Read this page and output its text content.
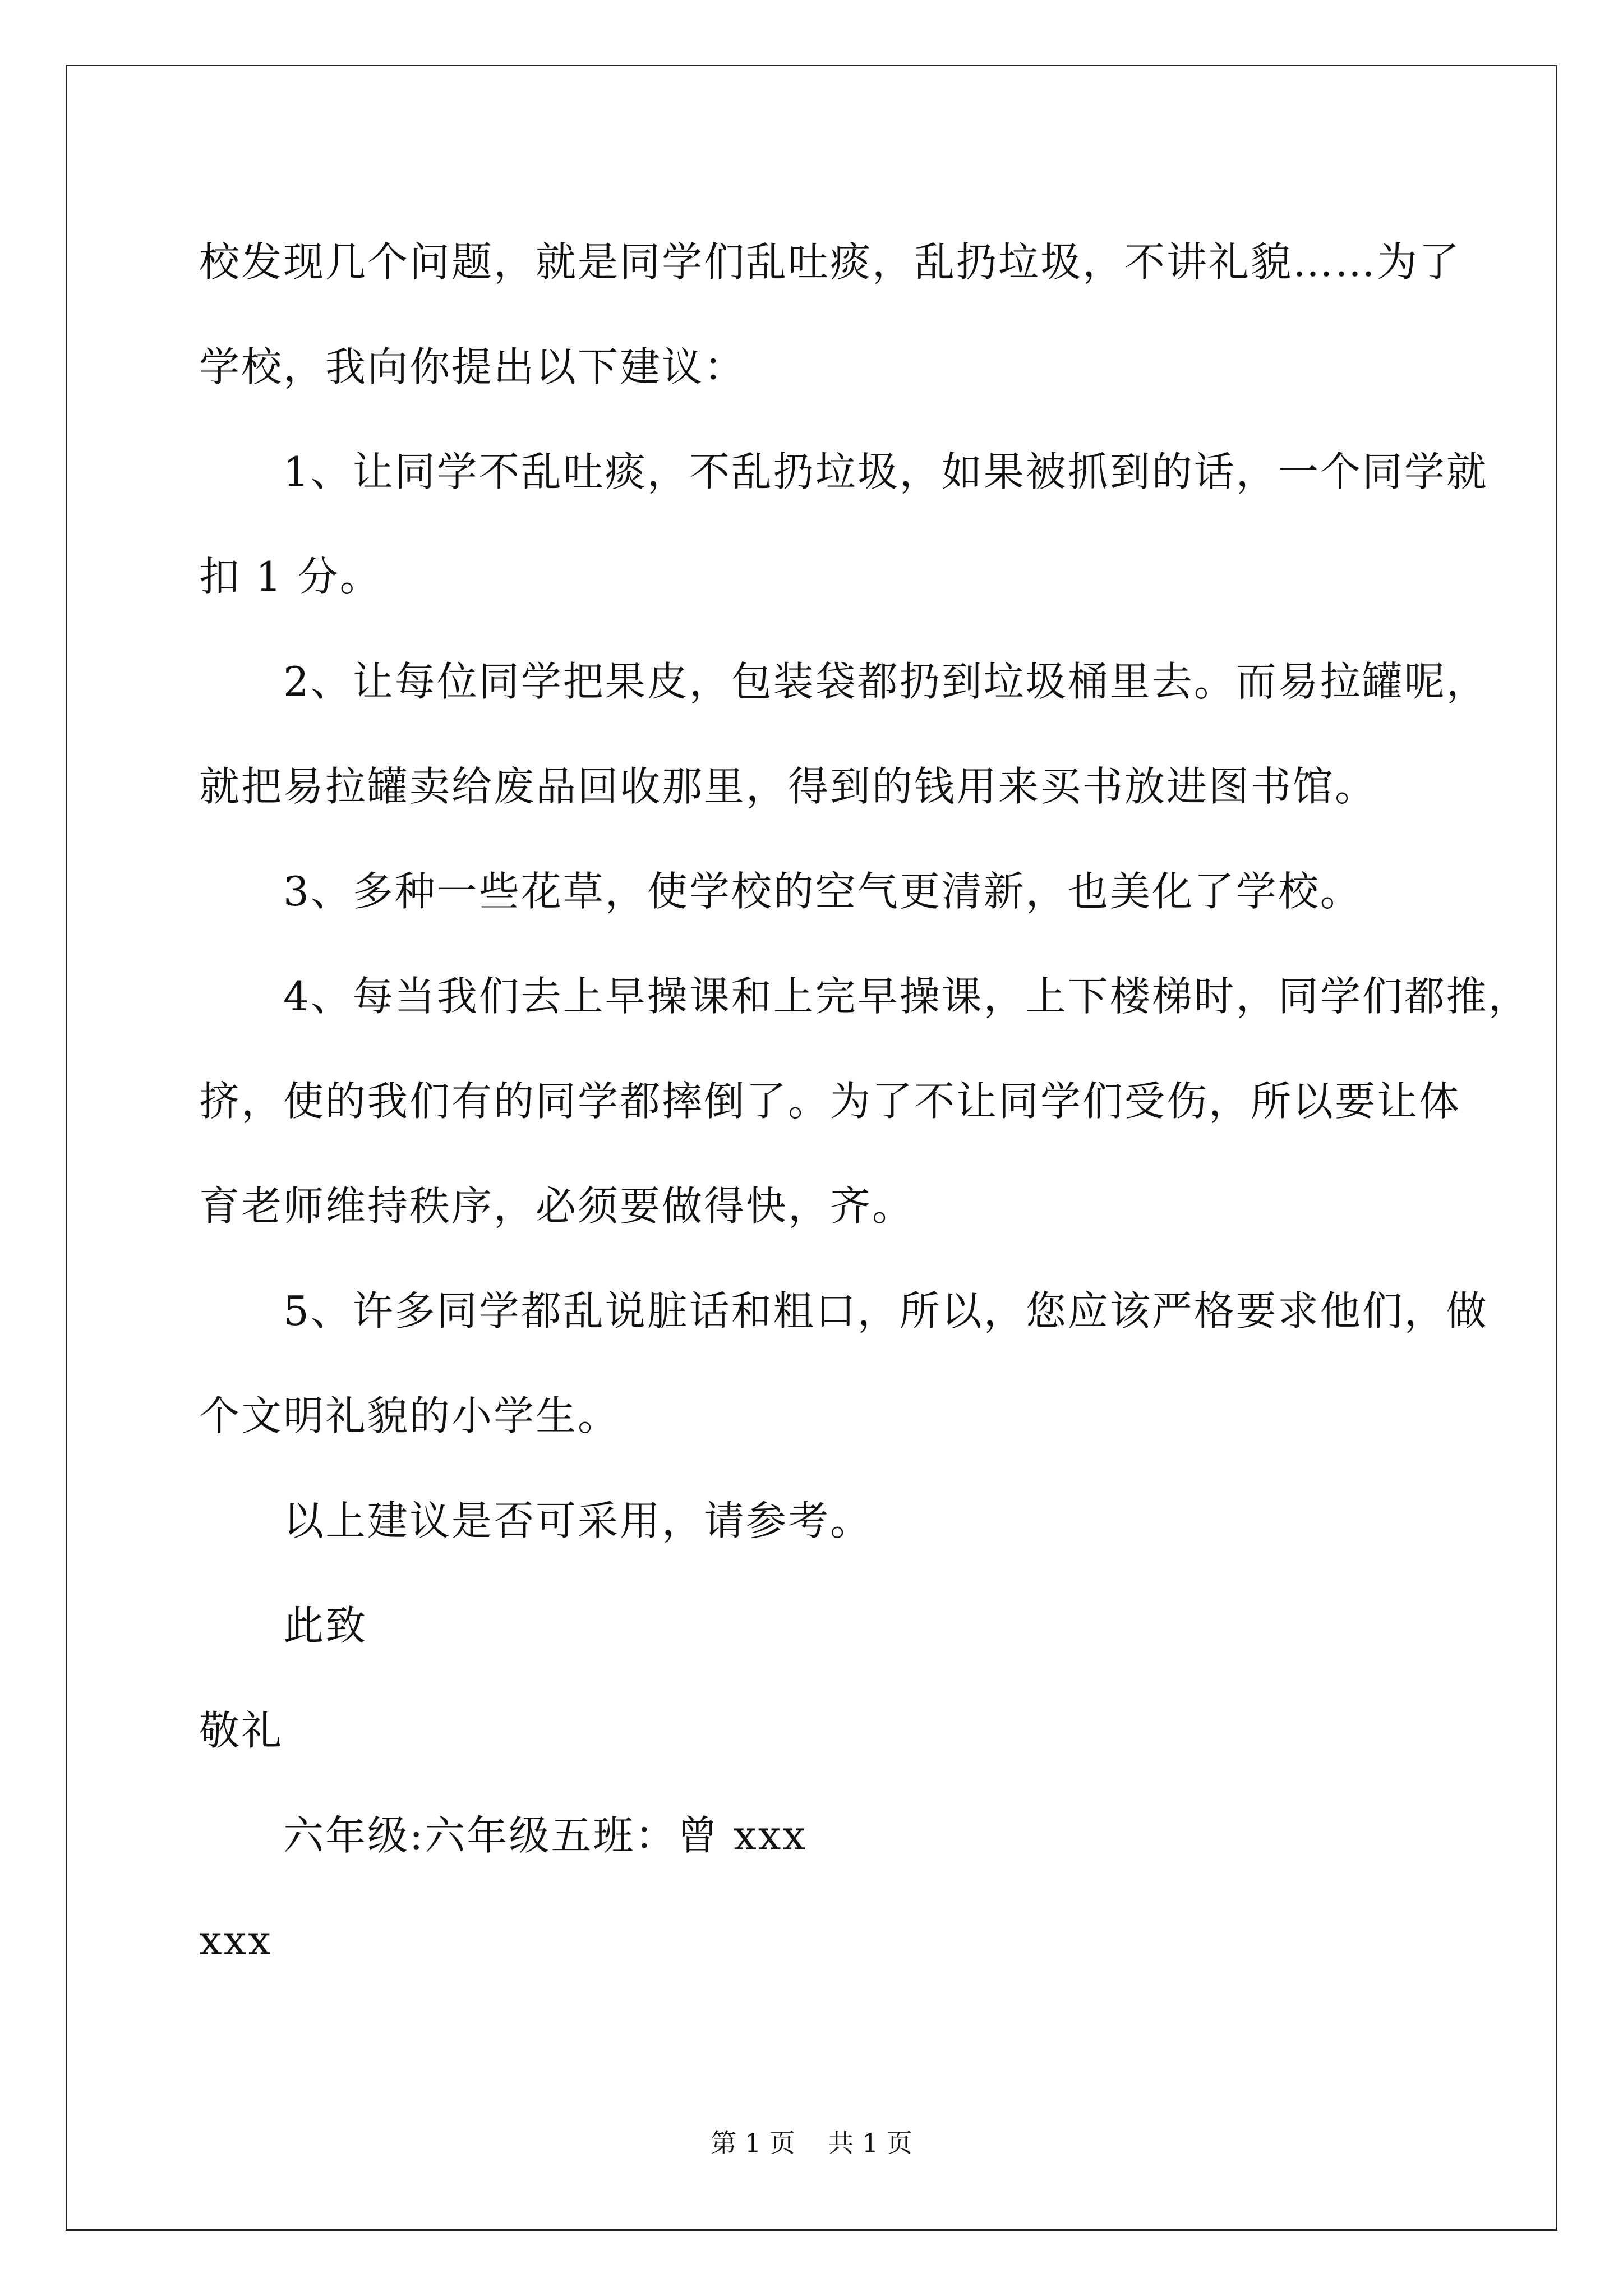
校发现几个问题，就是同学们乱吐痰，乱扔垃圾，不讲礼貌……为了
学校，我向你提出以下建议：
1、让同学不乱吐痰，不乱扔垃圾，如果被抓到的话，一个同学就
扣 1 分。
2、让每位同学把果皮，包装袋都扔到垃圾桶里去。而易拉罐呢，
就把易拉罐卖给废品回收那里，得到的钱用来买书放进图书馆。
3、多种一些花草，使学校的空气更清新，也美化了学校。
4、每当我们去上早操课和上完早操课，上下楼梯时，同学们都推，
挤，使的我们有的同学都摔倒了。为了不让同学们受伤，所以要让体
育老师维持秩序，必须要做得快，齐。
5、许多同学都乱说脏话和粗口，所以，您应该严格要求他们，做
个文明礼貌的小学生。
以上建议是否可采用，请参考。
此致
敬礼
六年级:六年级五班：曾 xxx
xxx
第 1 页    共 1 页
